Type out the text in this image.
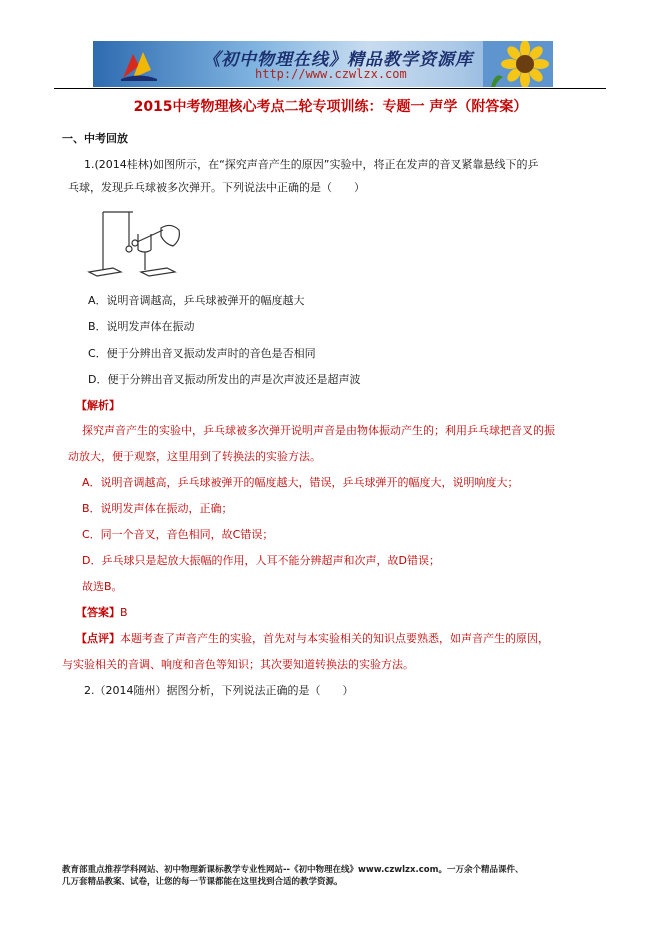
《初中物理在线》精品教学资源库
http://www.czwlzx.com
2015中考物理核心考点二轮专项训练：专题一 声学（附答案）
一、中考回放
1.(2014桂林)如图所示，在“探究声音产生的原因”实验中，将正在发声的音叉紧靠悬线下的乒
乓球，发现乒乓球被多次弹开。下列说法中正确的是（　　）
A．说明音调越高，乒乓球被弹开的幅度越大
B．说明发声体在振动
C．便于分辨出音叉振动发声时的音色是否相同
D．便于分辨出音叉振动所发出的声是次声波还是超声波
【解析】
探究声音产生的实验中，乒乓球被多次弹开说明声音是由物体振动产生的；利用乒乓球把音叉的振
动放大，便于观察，这里用到了转换法的实验方法。
A．说明音调越高，乒乓球被弹开的幅度越大，错误，乒乓球弹开的幅度大，说明响度大；
B．说明发声体在振动，正确；
C．同一个音叉，音色相同，故C错误；
D．乒乓球只是起放大振幅的作用，人耳不能分辨超声和次声，故D错误；
故选B。
【答案】B
【点评】本题考查了声音产生的实验，首先对与本实验相关的知识点要熟悉，如声音产生的原因，
与实验相关的音调、响度和音色等知识；其次要知道转换法的实验方法。
2.（2014随州）据图分析，下列说法正确的是（　　）
教育部重点推荐学科网站、初中物理新课标教学专业性网站--《初中物理在线》www.czwlzx.com。一万余个精品课件、
几万套精品教案、试卷，让您的每一节课都能在这里找到合适的教学资源。
